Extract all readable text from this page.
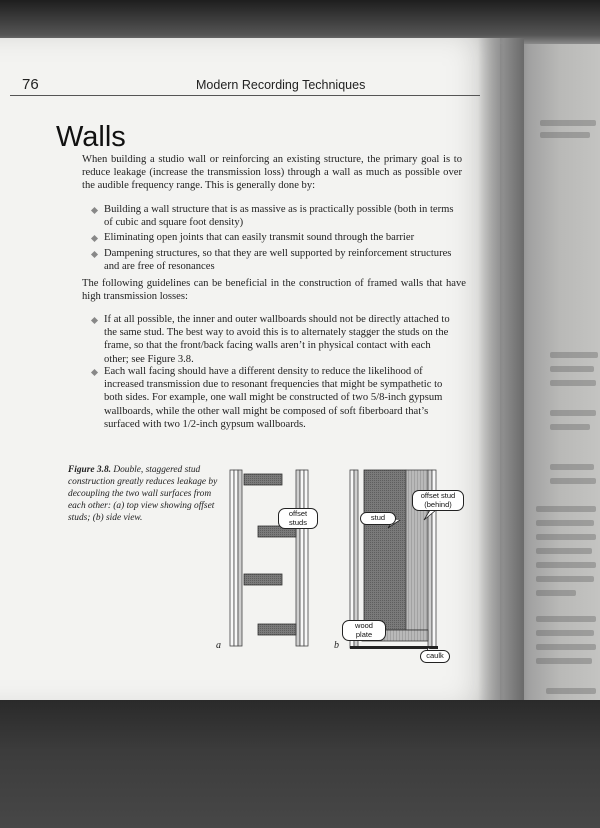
76	Modern Recording Techniques
Walls
When building a studio wall or reinforcing an existing structure, the primary goal is to reduce leakage (increase the transmission loss) through a wall as much as possible over the audible frequency range. This is generally done by:
Building a wall structure that is as massive as is practically possible (both in terms of cubic and square foot density)
Eliminating open joints that can easily transmit sound through the barrier
Dampening structures, so that they are well supported by reinforcement structures and are free of resonances
The following guidelines can be beneficial in the construction of framed walls that have high transmission losses:
If at all possible, the inner and outer wallboards should not be directly attached to the same stud. The best way to avoid this is to alternately stagger the studs on the frame, so that the front/back facing walls aren’t in physical contact with each other; see Figure 3.8.
Each wall facing should have a different density to reduce the likelihood of increased transmission due to resonant frequencies that might be sympathetic to both sides. For example, one wall might be constructed of two 5/8-inch gypsum wallboards, while the other wall might be composed of soft fiberboard that’s surfaced with two 1/2-inch gypsum wallboards.
Figure 3.8. Double, staggered stud construction greatly reduces leakage by decoupling the two wall surfaces from each other: (a) top view showing offset studs; (b) side view.	offset studs	stud
offset stud (behind)
wood plate
caulk
a	b
